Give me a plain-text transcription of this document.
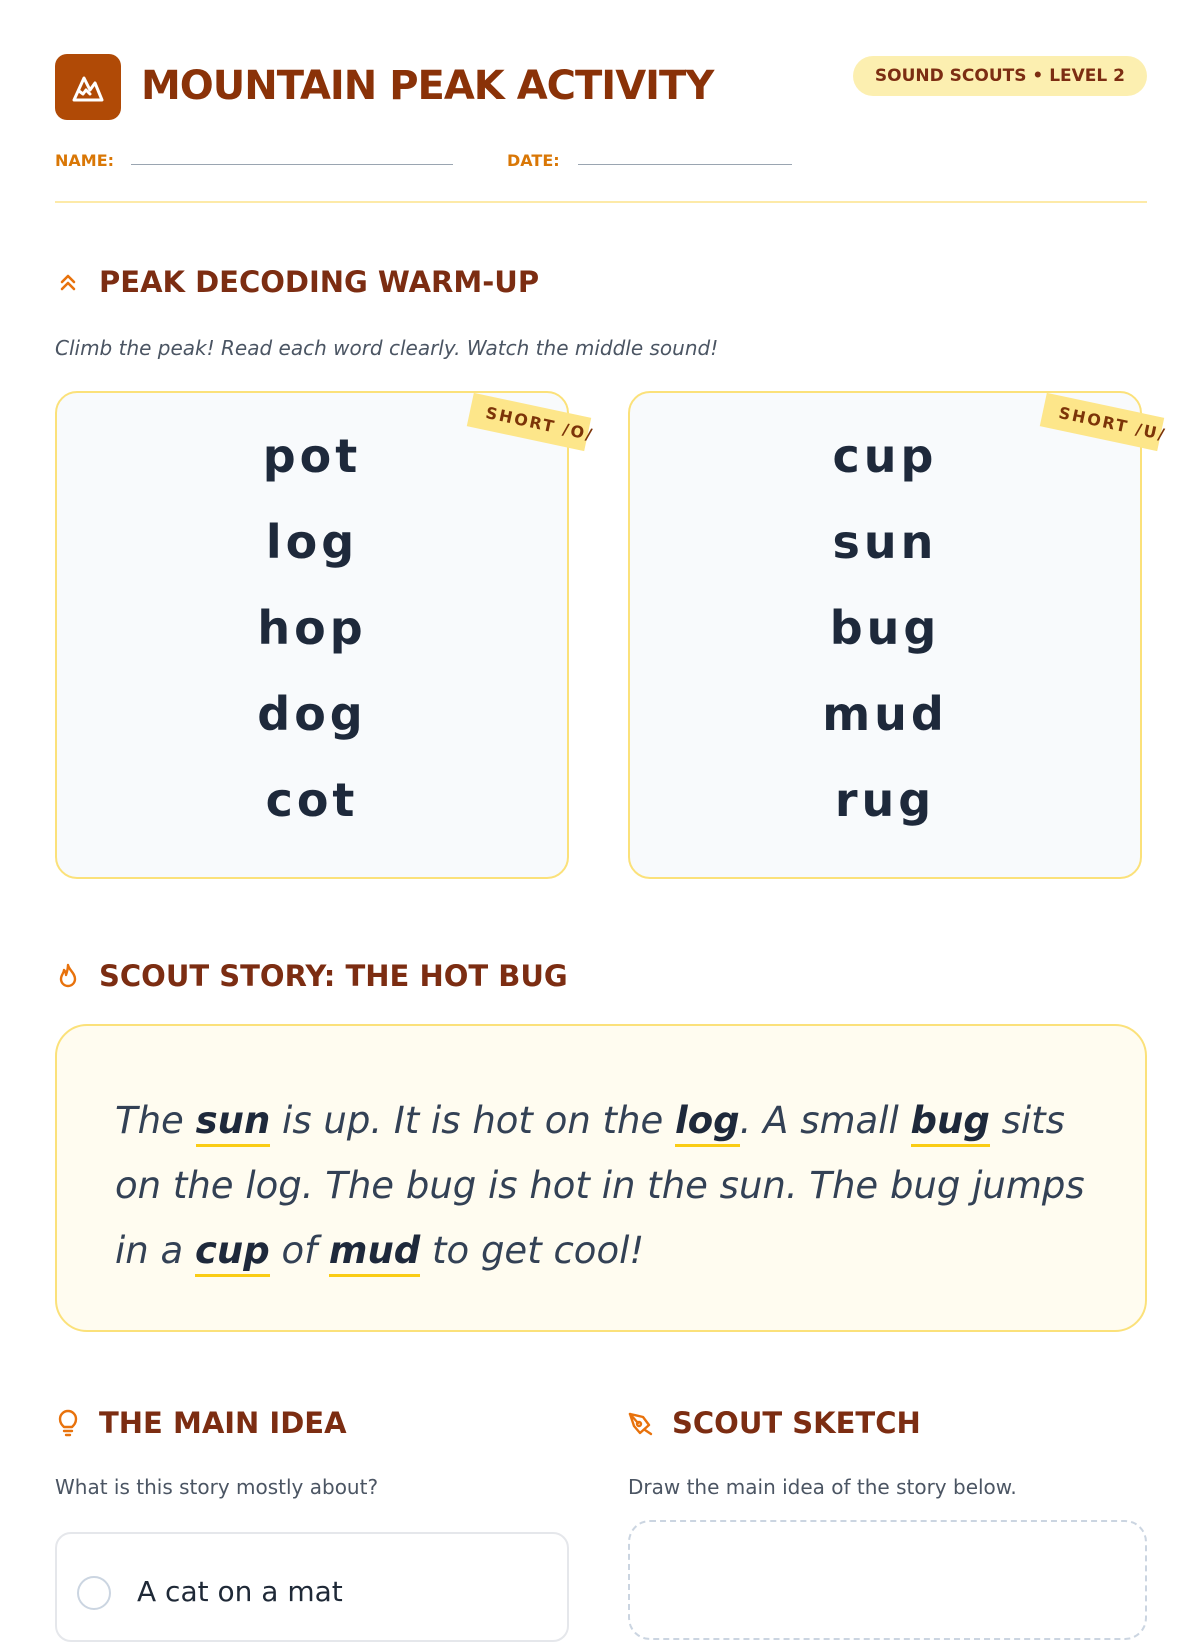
MOUNTAIN PEAK ACTIVITY	SOUND SCOUTS • LEVEL 2
NAME:	DATE:
PEAK DECODING WARM-UP
Climb the peak! Read each word clearly. Watch the middle sound!
SHORT /O/
pot
log
hop
dog
cot
SHORT /U/
cup
sun
bug
mud
rug
SCOUT STORY: THE HOT BUG
The sun is up. It is hot on the log. A small bug sits on the log. The bug is hot in the sun. The bug jumps in a cup of mud to get cool!
THE MAIN IDEA
What is this story mostly about?
A cat on a mat
SCOUT SKETCH
Draw the main idea of the story below.
